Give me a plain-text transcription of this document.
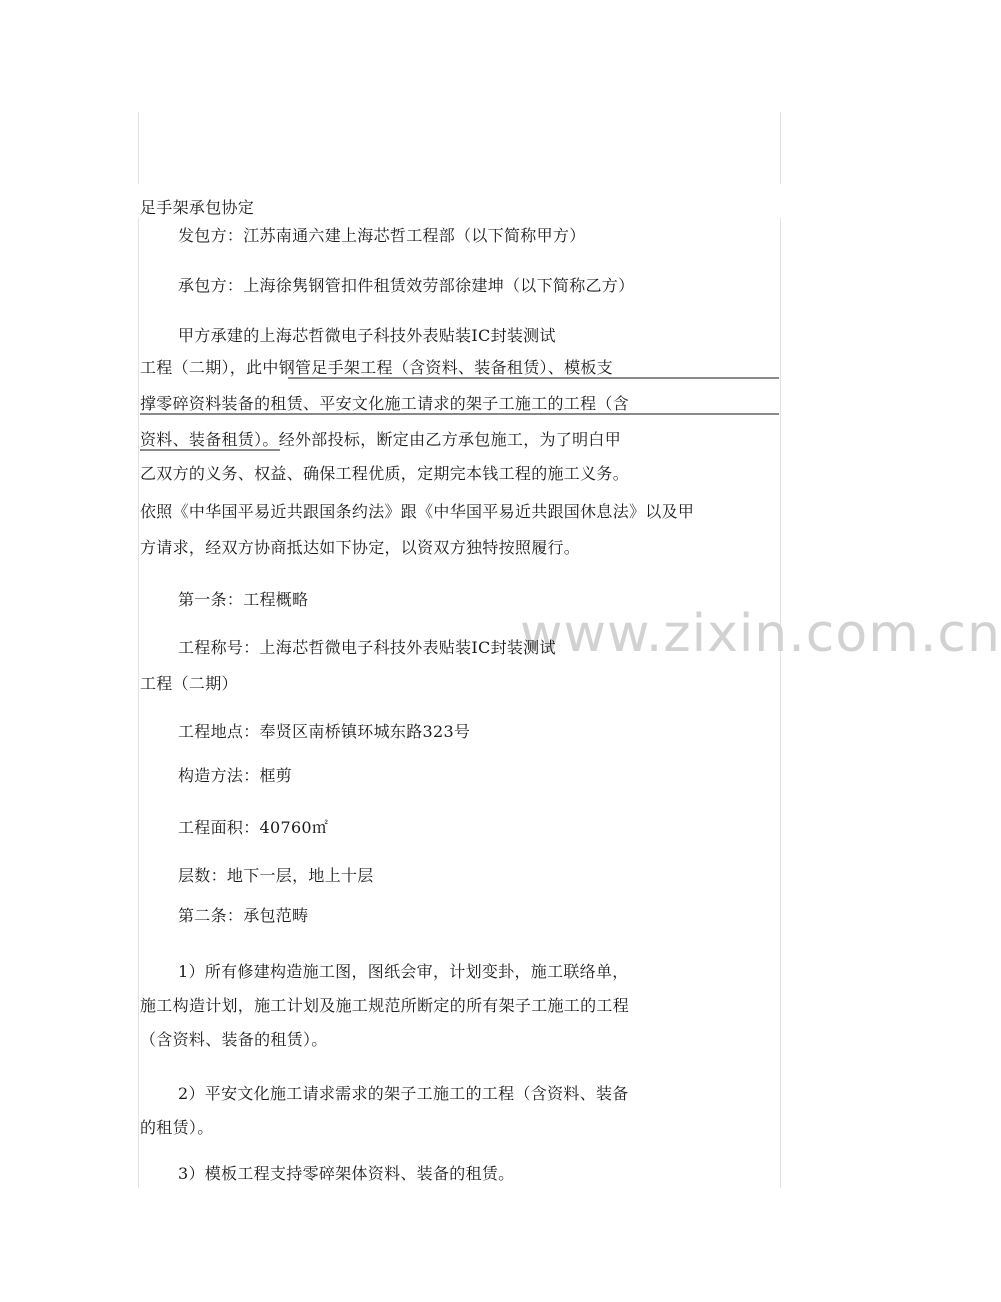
www.zixin.com.cn
足手架承包协定
发包方：江苏南通六建上海芯哲工程部（以下简称甲方）
承包方：上海徐隽钢管扣件租赁效劳部徐建坤（以下简称乙方）
甲方承建的上海芯哲微电子科技外表贴装IC封装测试
工程（二期），此中钢管足手架工程（含资料、装备租赁）、模板支
撑零碎资料装备的租赁、平安文化施工请求的架子工施工的工程（含
资料、装备租赁）。经外部投标，断定由乙方承包施工，为了明白甲
乙双方的义务、权益、确保工程优质，定期完本钱工程的施工义务。
依照《中华国平易近共跟国条约法》跟《中华国平易近共跟国休息法》以及甲
方请求，经双方协商抵达如下协定，以资双方独特按照履行。
第一条：工程概略
工程称号：上海芯哲微电子科技外表贴装IC封装测试
工程（二期）
工程地点：奉贤区南桥镇环城东路323号
构造方法：框剪
工程面积：40760㎡
层数：地下一层，地上十层
第二条：承包范畴
1）所有修建构造施工图，图纸会审，计划变卦，施工联络单，
施工构造计划，施工计划及施工规范所断定的所有架子工施工的工程
（含资料、装备的租赁）。
2）平安文化施工请求需求的架子工施工的工程（含资料、装备
的租赁）。
3）模板工程支持零碎架体资料、装备的租赁。
